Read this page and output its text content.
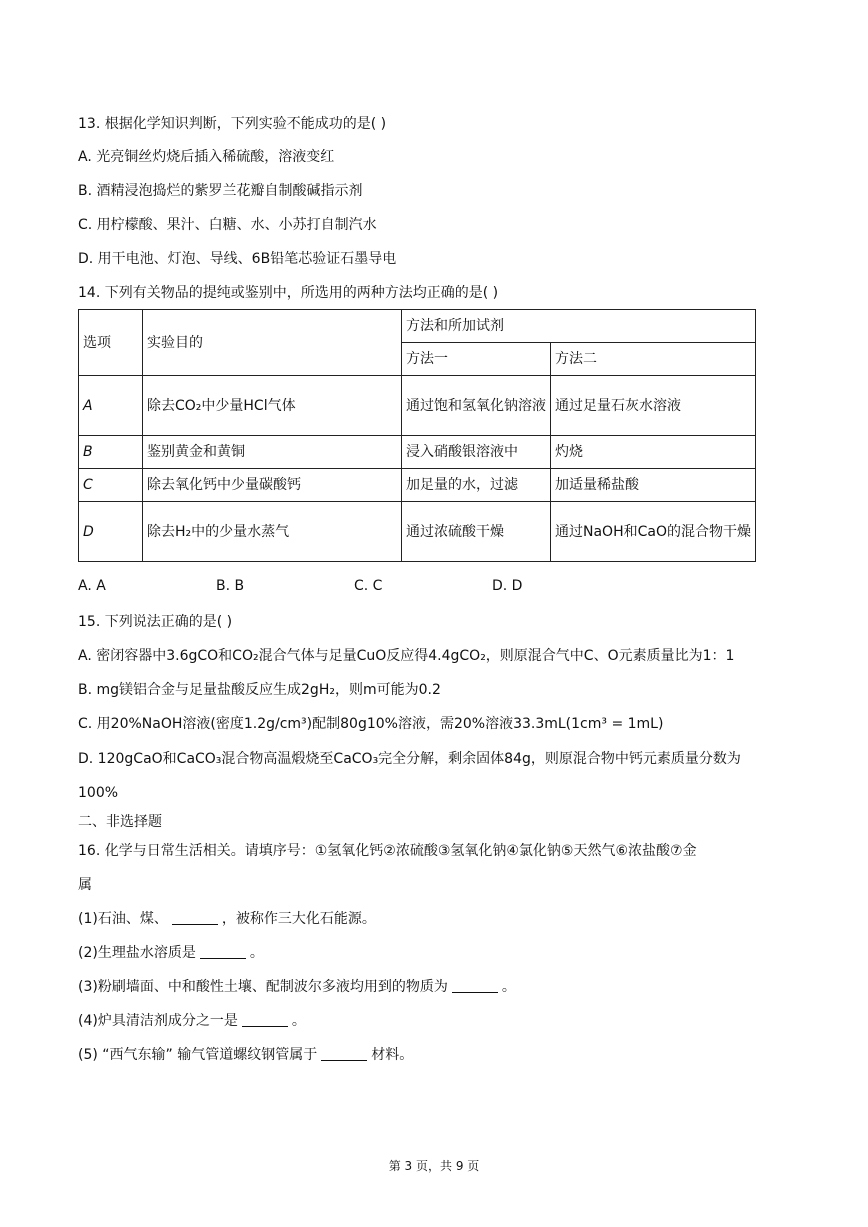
13. 根据化学知识判断，下列实验不能成功的是( )
A. 光亮铜丝灼烧后插入稀硫酸，溶液变红
B. 酒精浸泡捣烂的紫罗兰花瓣自制酸碱指示剂
C. 用柠檬酸、果汁、白糖、水、小苏打自制汽水
D. 用干电池、灯泡、导线、6B铅笔芯验证石墨导电
14. 下列有关物品的提纯或鉴别中，所选用的两种方法均正确的是( )
选项	实验目的	方法和所加试剂	
		方法一	方法二
A	除去CO₂中少量HCl气体	通过饱和氢氧化钠溶液	通过足量石灰水溶液
B	鉴别黄金和黄铜	浸入硝酸银溶液中	灼烧
C	除去氧化钙中少量碳酸钙	加足量的水，过滤	加适量稀盐酸
D	除去H₂中的少量水蒸气	通过浓硫酸干燥	通过NaOH和CaO的混合物干燥
A. A	B. B	C. C	D. D
15. 下列说法正确的是( )
A. 密闭容器中3.6gCO和CO₂混合气体与足量CuO反应得4.4gCO₂，则原混合气中C、O元素质量比为1：1
B. mg镁铝合金与足量盐酸反应生成2gH₂，则m可能为0.2
C. 用20%NaOH溶液(密度1.2g/cm³)配制80g10%溶液，需20%溶液33.3mL(1cm³ = 1mL)
D. 120gCaO和CaCO₃混合物高温煅烧至CaCO₃完全分解，剩余固体84g，则原混合物中钙元素质量分数为
100%
二、非选择题
16. 化学与日常生活相关。请填序号：①氢氧化钙②浓硫酸③氢氧化钠④氯化钠⑤天然气⑥浓盐酸⑦金
属
(1)石油、煤、	，被称作三大化石能源。
(2)生理盐水溶质是	。
(3)粉刷墙面、中和酸性土壤、配制波尔多液均用到的物质为	。
(4)炉具清洁剂成分之一是	。
(5) “西气东输” 输气管道螺纹钢管属于	材料。
第 3 页，共 9 页
